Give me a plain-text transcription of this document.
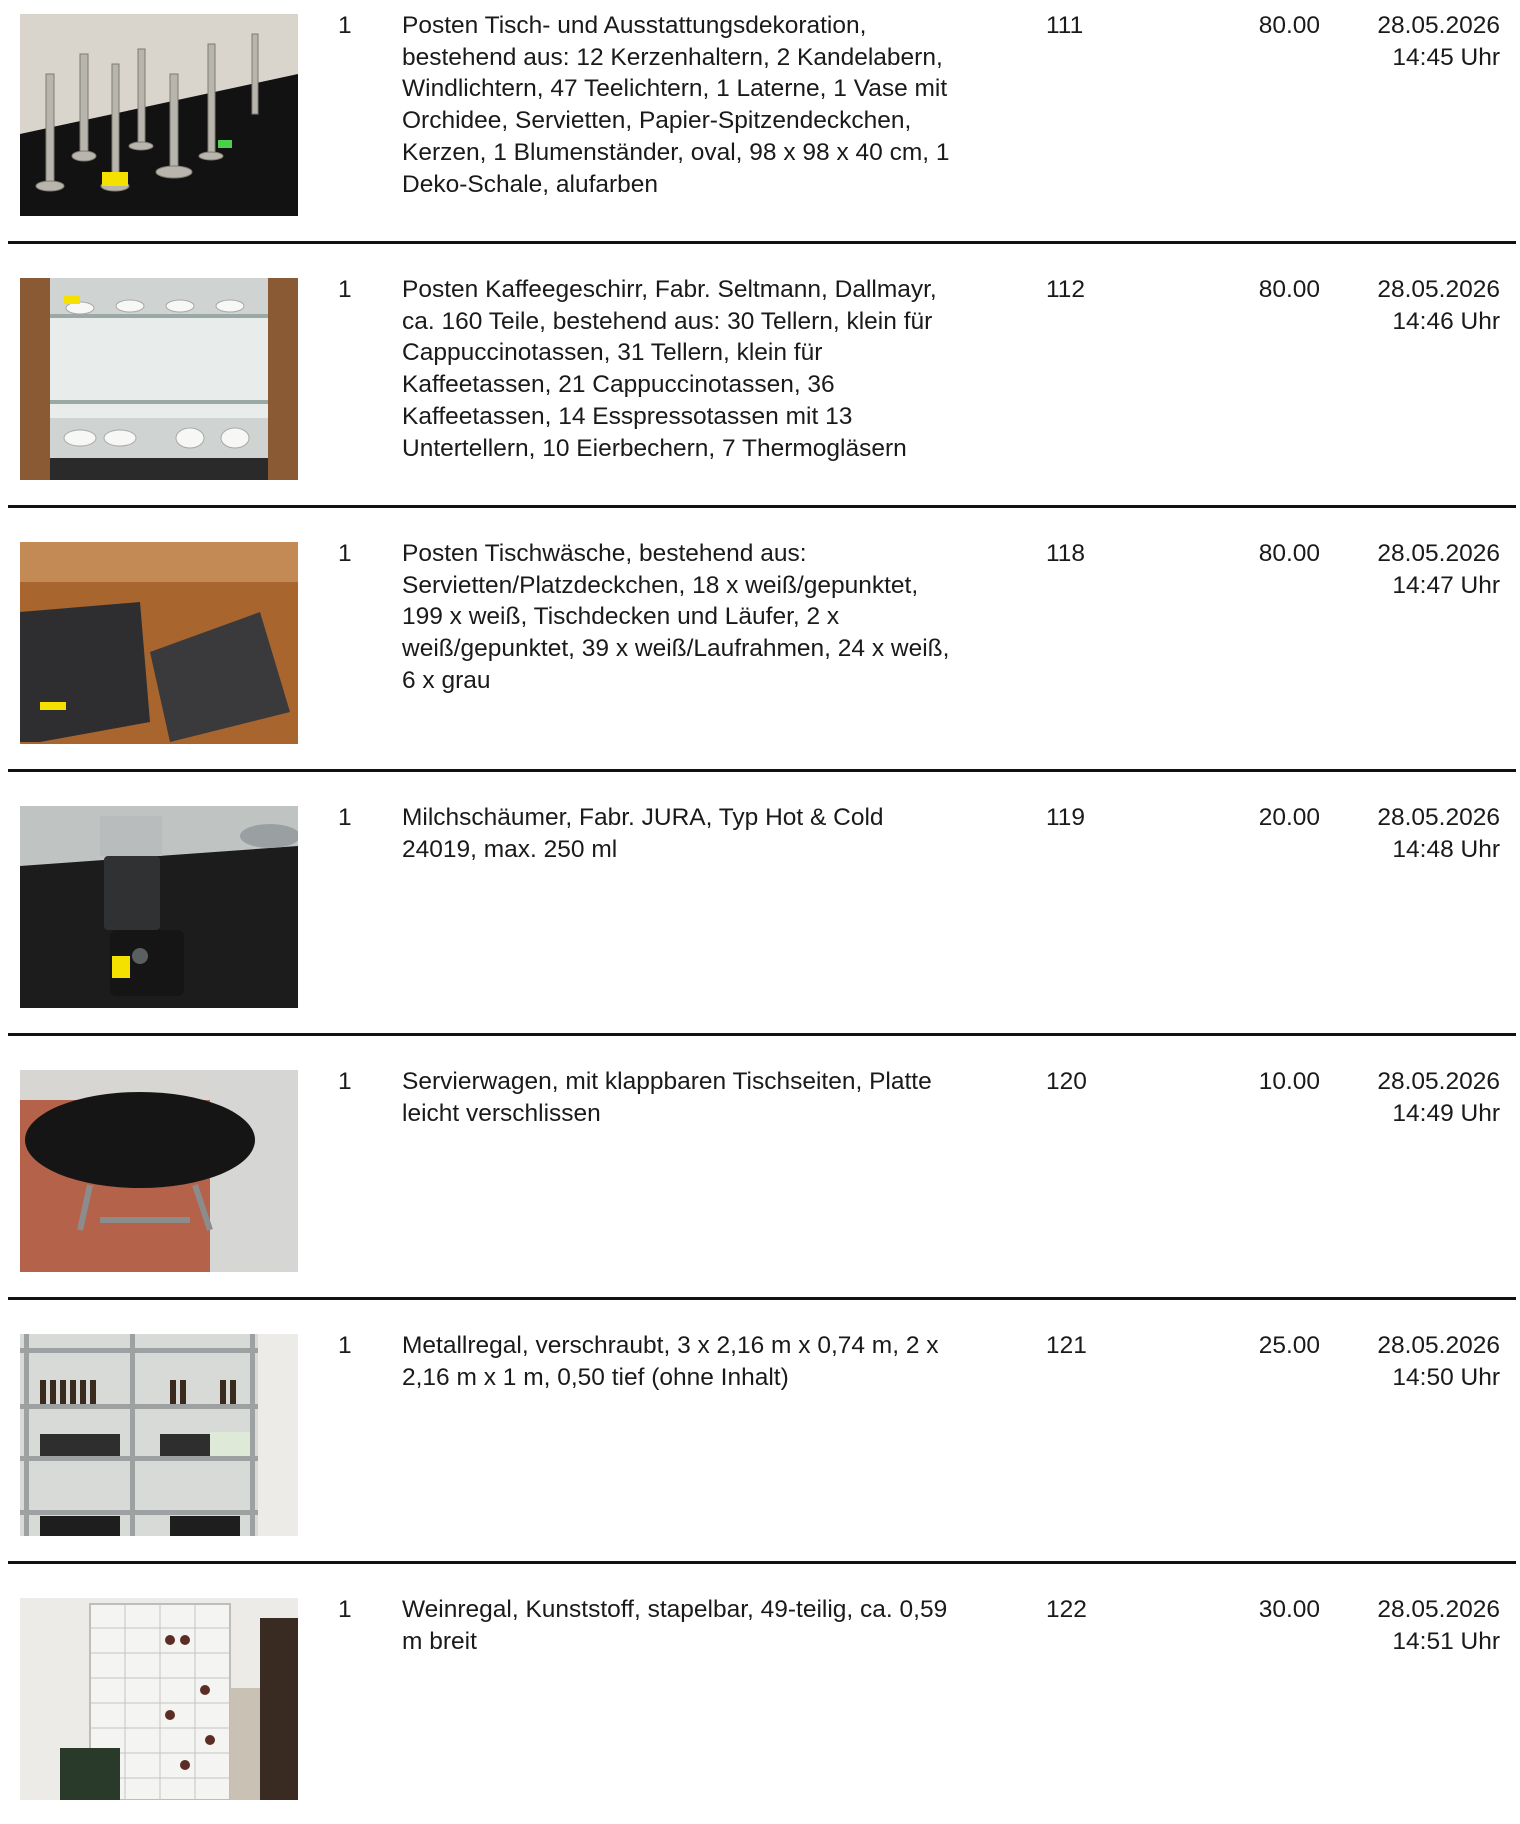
1 Posten Tisch- und Ausstattungsdekoration,
bestehend aus: 12 Kerzenhaltern, 2 Kandelabern,
Windlichtern, 47 Teelichtern, 1 Laterne, 1 Vase mit
Orchidee, Servietten, Papier-Spitzendeckchen,
Kerzen, 1 Blumenständer, oval, 98 x 98 x 40 cm, 1
Deko-Schale, alufarben
111	80.00	28.05.2026
14:45 Uhr
1 Posten Kaffeegeschirr, Fabr. Seltmann, Dallmayr,
ca. 160 Teile, bestehend aus: 30 Tellern, klein für
Cappuccinotassen, 31 Tellern, klein für
Kaffeetassen, 21 Cappuccinotassen, 36
Kaffeetassen, 14 Esspressotassen mit 13
Untertellern, 10 Eierbechern, 7 Thermogläsern
112	80.00	28.05.2026
14:46 Uhr
1 Posten Tischwäsche, bestehend aus:
Servietten/Platzdeckchen, 18 x weiß/gepunktet,
199 x weiß, Tischdecken und Läufer, 2 x
weiß/gepunktet, 39 x weiß/Laufrahmen, 24 x weiß,
6 x grau
118	80.00	28.05.2026
14:47 Uhr
1 Milchschäumer, Fabr. JURA, Typ Hot & Cold
24019, max. 250 ml
119	20.00	28.05.2026
14:48 Uhr
1 Servierwagen, mit klappbaren Tischseiten, Platte
leicht verschlissen
120	10.00	28.05.2026
14:49 Uhr
1 Metallregal, verschraubt, 3 x 2,16 m x 0,74 m, 2 x
2,16 m x 1 m, 0,50 tief (ohne Inhalt)
121	25.00	28.05.2026
14:50 Uhr
1 Weinregal, Kunststoff, stapelbar, 49-teilig, ca. 0,59
m breit
122	30.00	28.05.2026
14:51 Uhr
